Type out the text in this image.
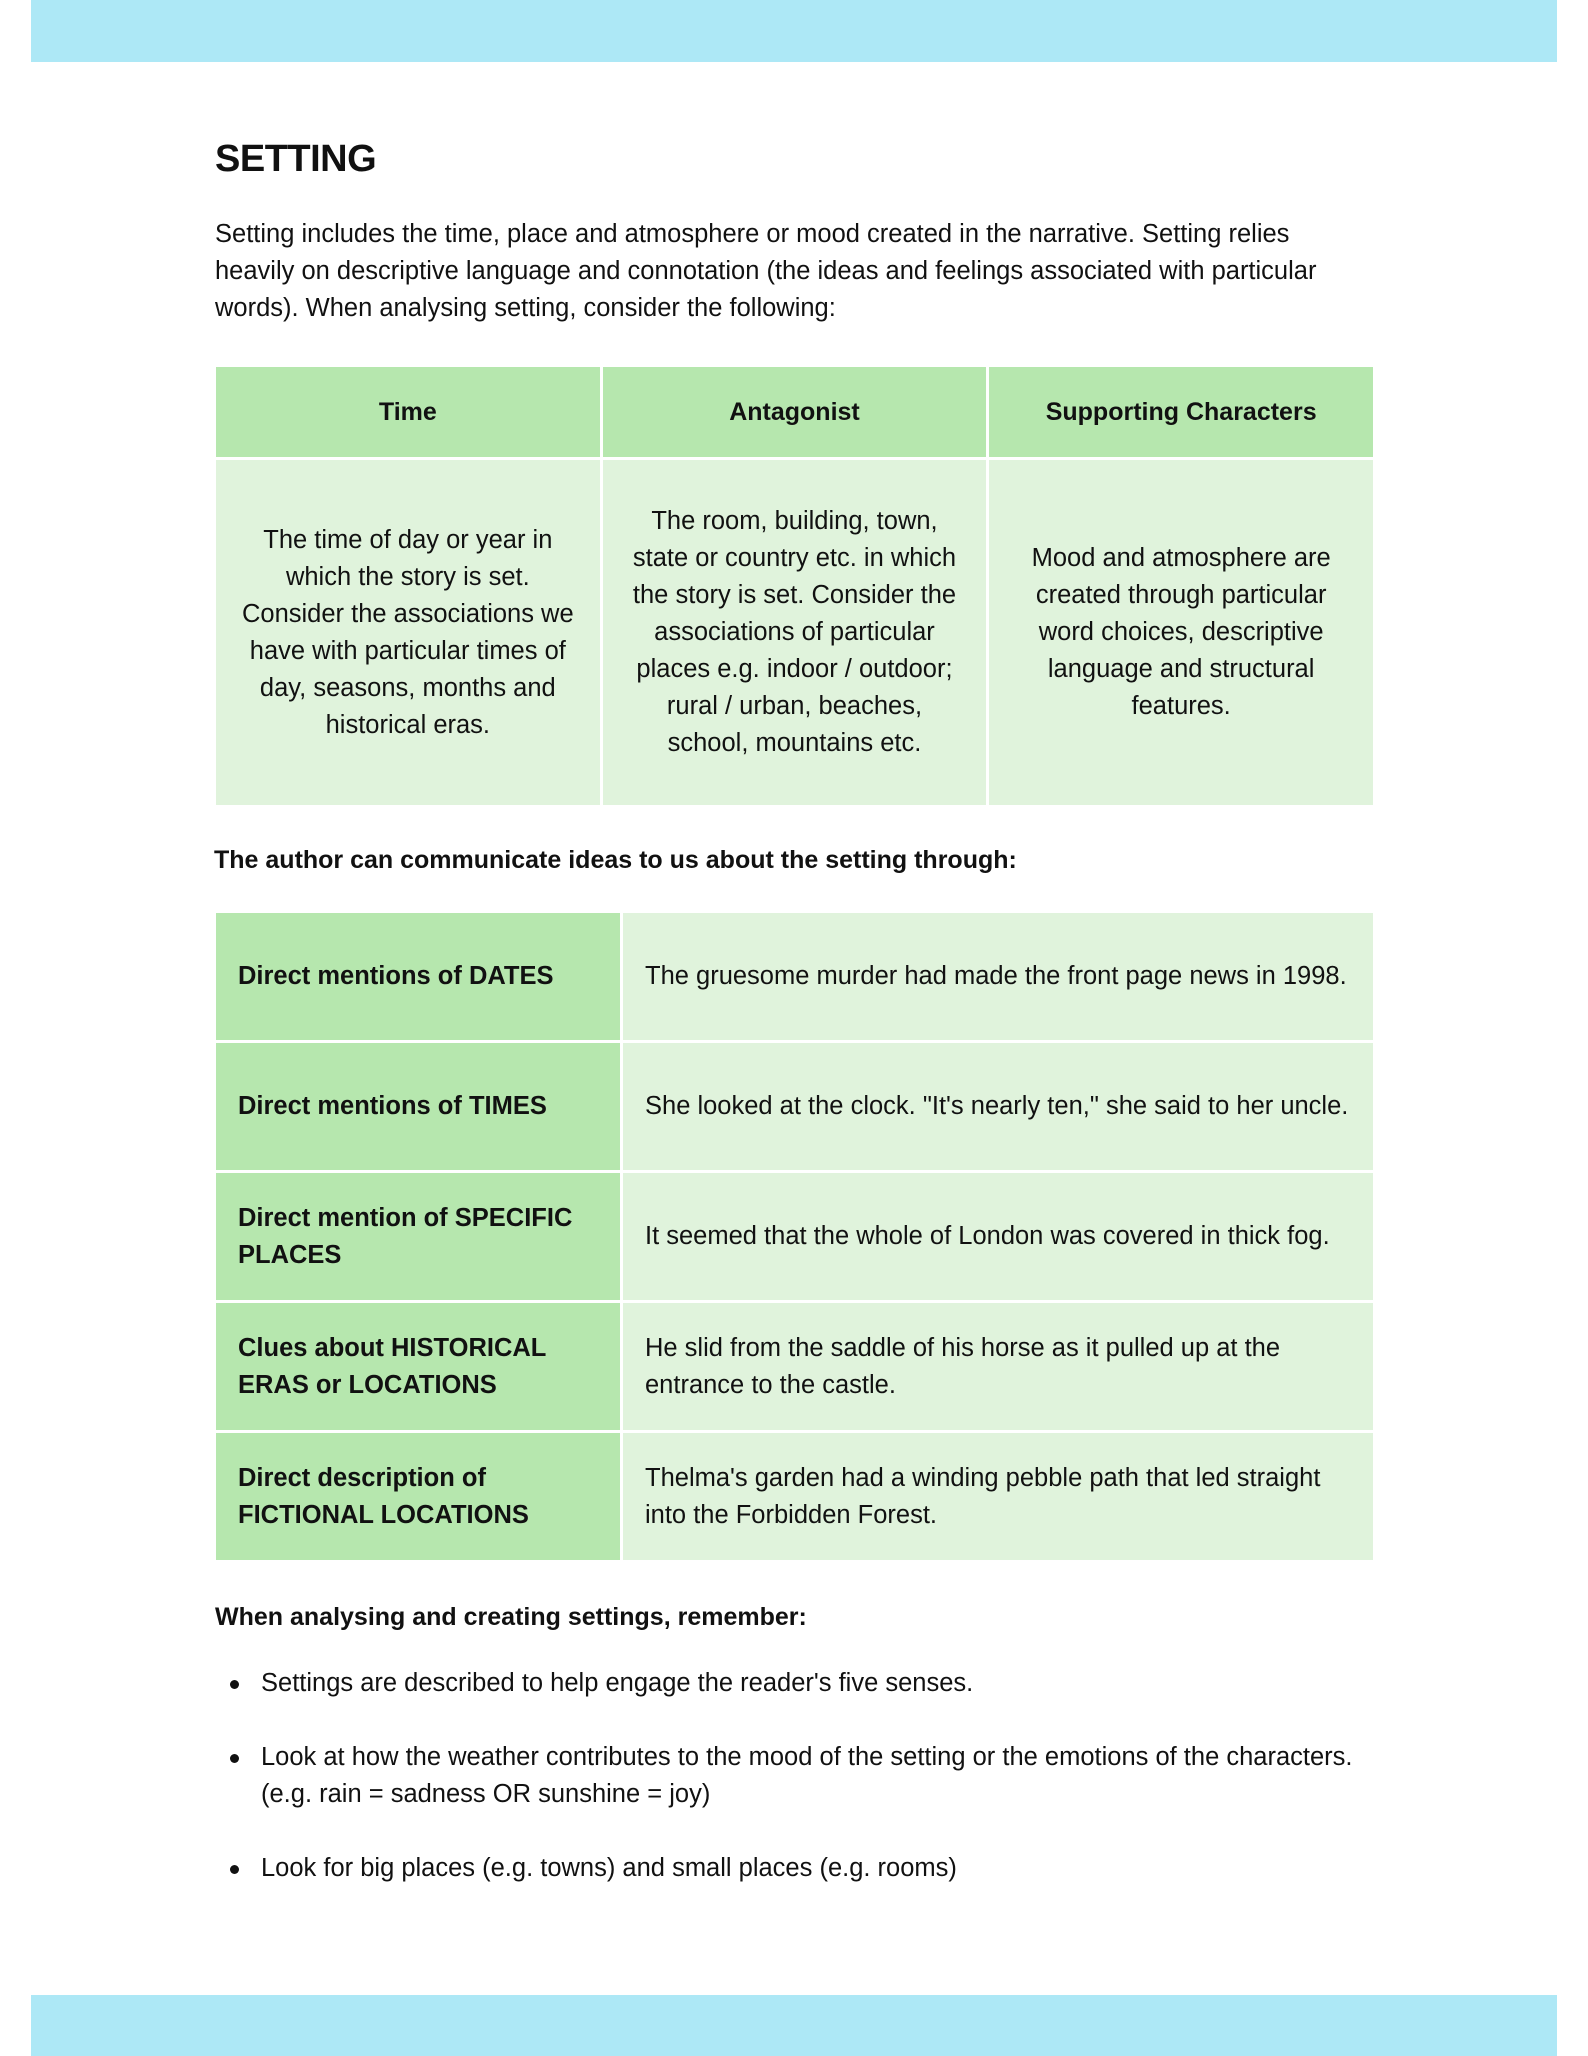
SETTING

Setting includes the time, place and atmosphere or mood created in the narrative. Setting relies heavily on descriptive language and connotation (the ideas and feelings associated with particular words). When analysing setting, consider the following:

Time	Antagonist	Supporting Characters
The time of day or year in which the story is set. Consider the associations we have with particular times of day, seasons, months and historical eras.	The room, building, town, state or country etc. in which the story is set. Consider the associations of particular places e.g. indoor / outdoor; rural / urban, beaches, school, mountains etc.	Mood and atmosphere are created through particular word choices, descriptive language and structural features.

The author can communicate ideas to us about the setting through:

Direct mentions of DATES	The gruesome murder had made the front page news in 1998.
Direct mentions of TIMES	She looked at the clock. "It's nearly ten," she said to her uncle.
Direct mention of SPECIFIC PLACES	It seemed that the whole of London was covered in thick fog.
Clues about HISTORICAL ERAS or LOCATIONS	He slid from the saddle of his horse as it pulled up at the entrance to the castle.
Direct description of FICTIONAL LOCATIONS	Thelma's garden had a winding pebble path that led straight into the Forbidden Forest.

When analysing and creating settings, remember:

Settings are described to help engage the reader's five senses.
Look at how the weather contributes to the mood of the setting or the emotions of the characters. (e.g. rain = sadness OR sunshine = joy)
Look for big places (e.g. towns) and small places (e.g. rooms)
